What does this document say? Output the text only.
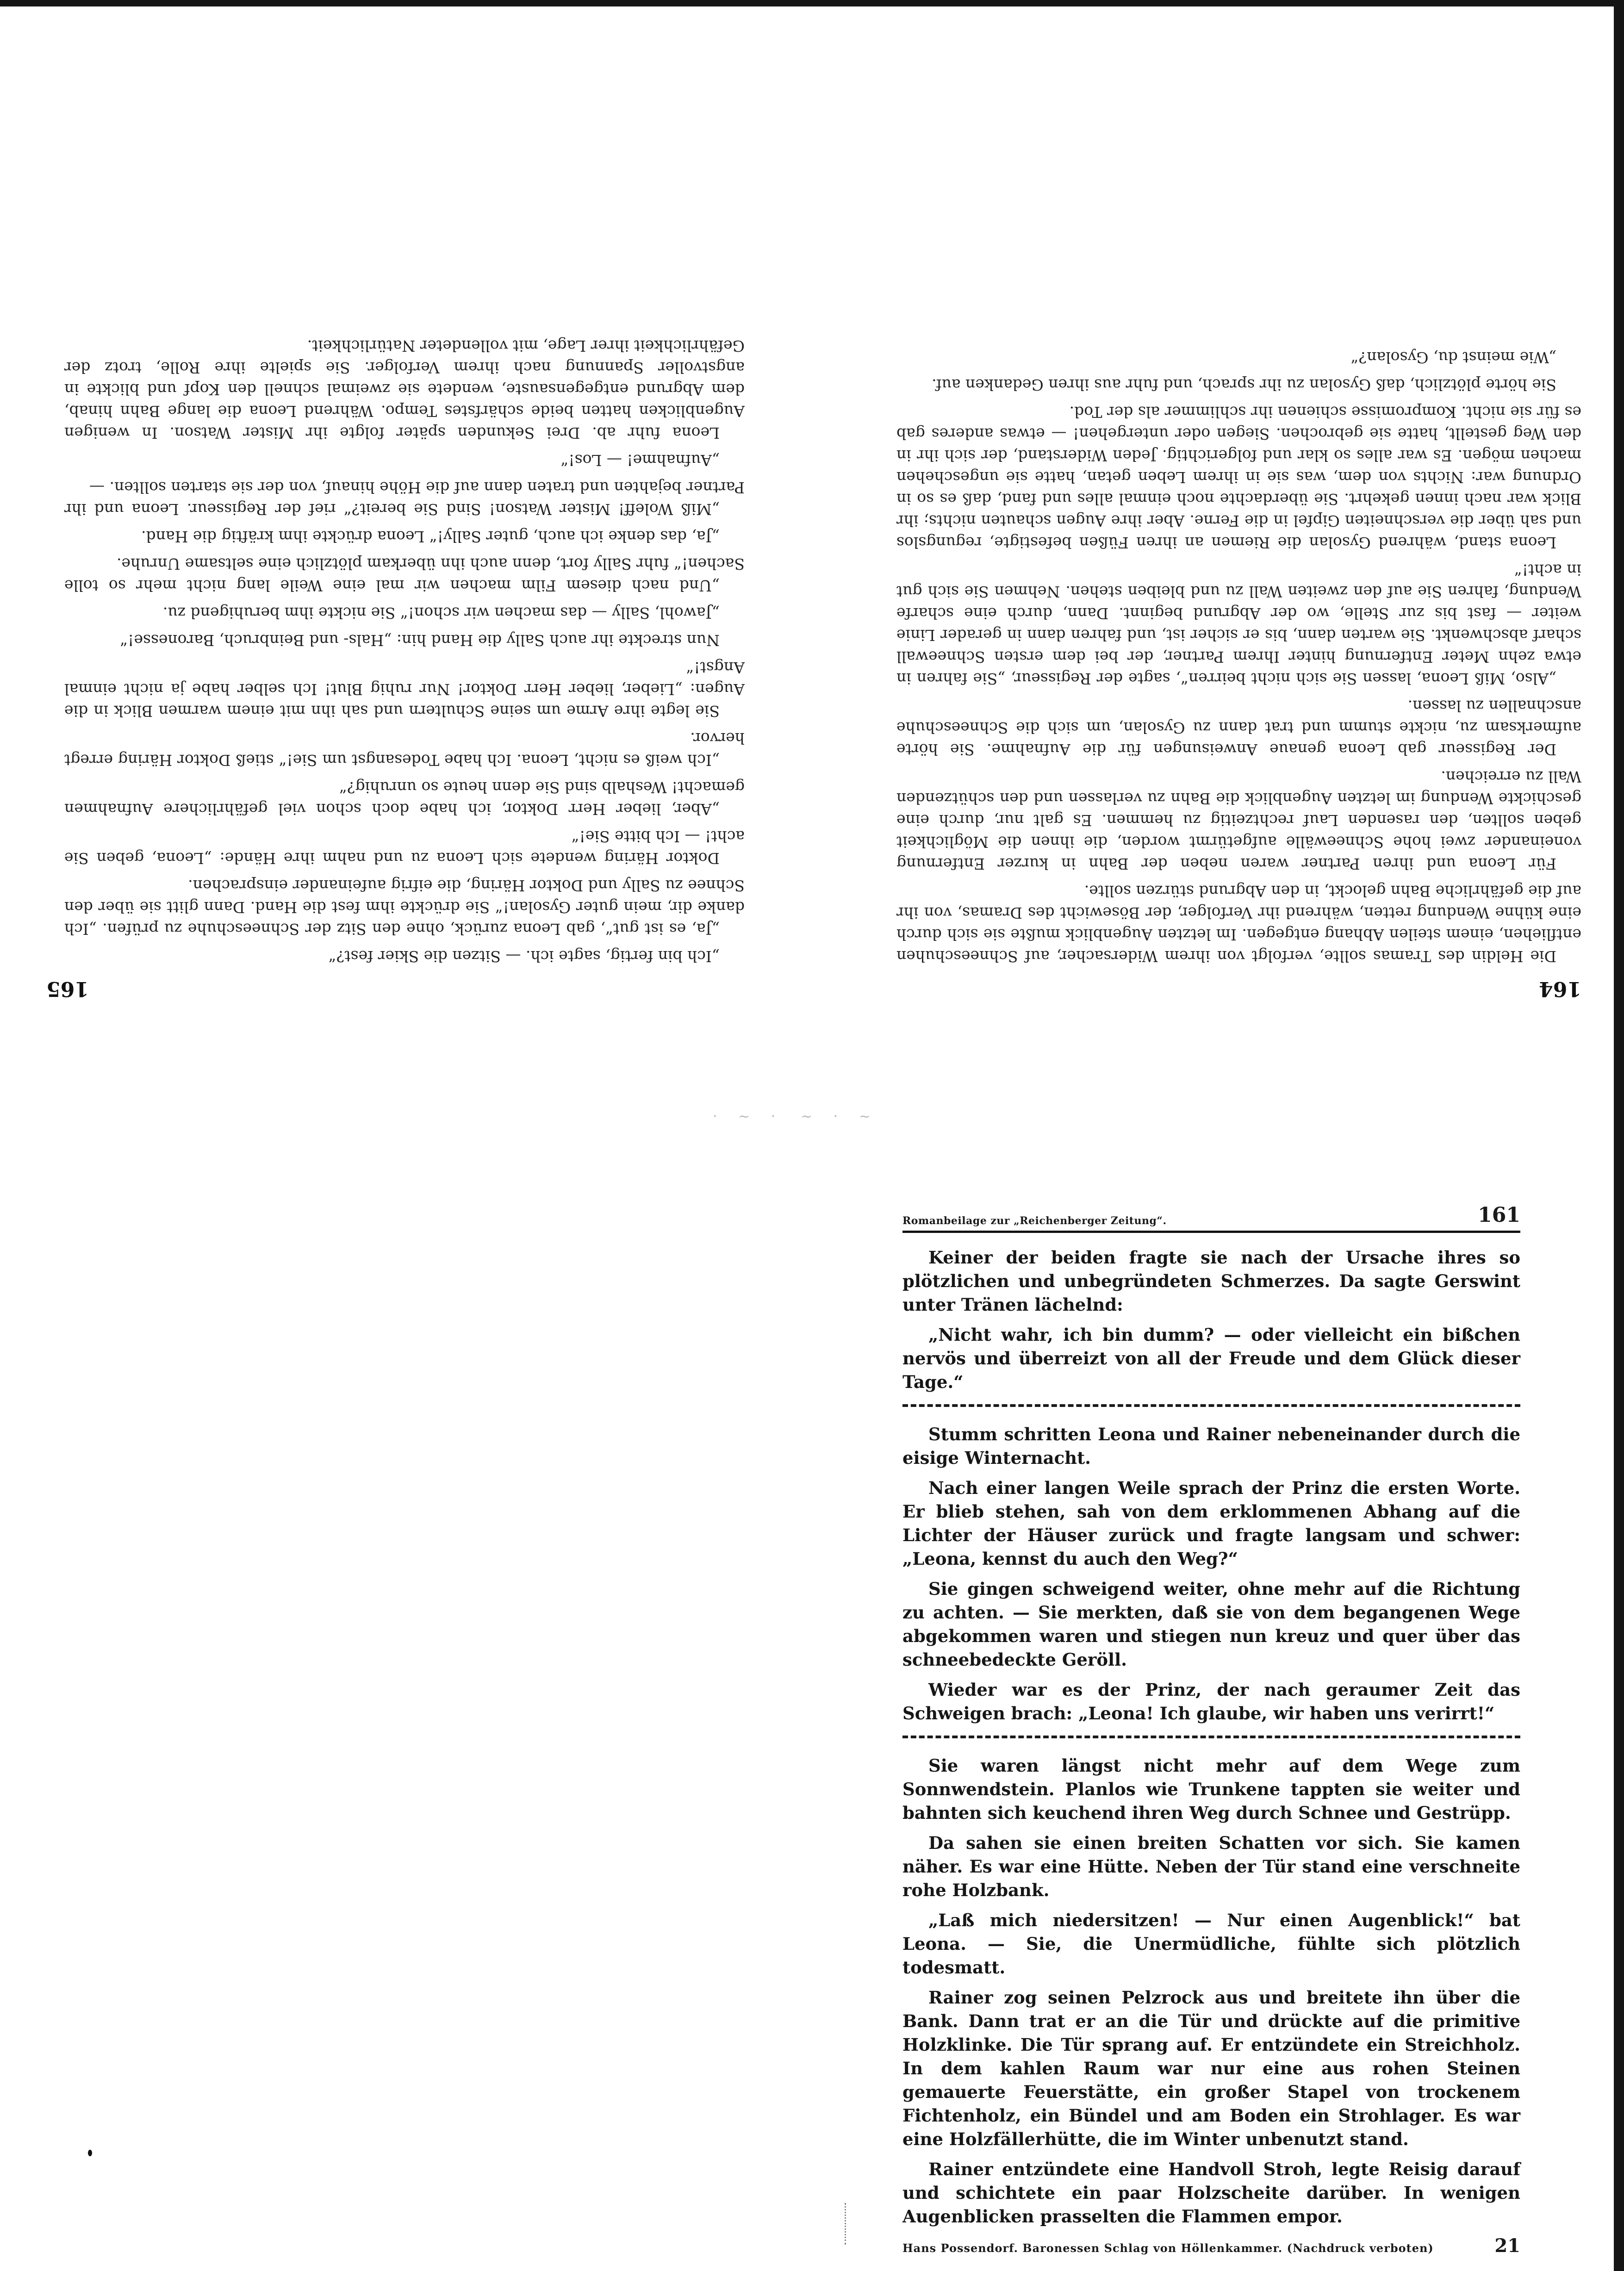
164

Die Heldin des Tramas sollte, verfolgt von ihrem Widersacher, auf Schneeschuhen entfliehen, einem steilen Abhang entgegen. Im letzten Augenblick mußte sie sich durch eine kühne Wendung retten, während ihr Verfolger, der Bösewicht des Dramas, von ihr auf die gefährliche Bahn gelockt, in den Abgrund stürzen sollte.

Für Leona und ihren Partner waren neben der Bahn in kurzer Entfernung voneinander zwei hohe Schneewälle aufgetürmt worden, die ihnen die Möglichkeit geben sollten, den rasenden Lauf rechtzeitig zu hemmen. Es galt nur, durch eine geschickte Wendung im letzten Augenblick die Bahn zu verlassen und den schützenden Wall zu erreichen.

Der Regisseur gab Leona genaue Anweisungen für die Aufnahme. Sie hörte aufmerksam zu, nickte stumm und trat dann zu Gysolan, um sich die Schneeschuhe anschnallen zu lassen.

„Also, Miß Leona, lassen Sie sich nicht beirren“, sagte der Regisseur, „Sie fahren in etwa zehn Meter Entfernung hinter Ihrem Partner, der bei dem ersten Schneewall scharf abschwenkt. Sie warten dann, bis er sicher ist, und fahren dann in gerader Linie weiter — fast bis zur Stelle, wo der Abgrund beginnt. Dann, durch eine scharfe Wendung, fahren Sie auf den zweiten Wall zu und bleiben stehen. Nehmen Sie sich gut in acht!“

Leona stand, während Gysolan die Riemen an ihren Füßen befestigte, regungslos und sah über die verschneiten Gipfel in die Ferne. Aber ihre Augen schauten nichts; ihr Blick war nach innen gekehrt. Sie überdachte noch einmal alles und fand, daß es so in Ordnung war: Nichts von dem, was sie in ihrem Leben getan, hatte sie ungeschehen machen mögen. Es war alles so klar und folgerichtig. Jeden Widerstand, der sich ihr in den Weg gestellt, hatte sie gebrochen. Siegen oder untergehen! — etwas anderes gab es für sie nicht. Kompromisse schienen ihr schlimmer als der Tod.

Sie hörte plötzlich, daß Gysolan zu ihr sprach, und fuhr aus ihren Gedanken auf.

„Wie meinst du, Gysolan?“

165

„Ich bin fertig, sagte ich. — Sitzen die Skier fest?“

„Ja, es ist gut“, gab Leona zurück, ohne den Sitz der Schneeschuhe zu prüfen. „Ich danke dir, mein guter Gysolan!“ Sie drückte ihm fest die Hand. Dann glitt sie über den Schnee zu Sally und Doktor Häring, die eifrig aufeinander einsprachen.

Doktor Häring wendete sich Leona zu und nahm ihre Hände: „Leona, geben Sie acht! — Ich bitte Sie!“

„Aber, lieber Herr Doktor, ich habe doch schon viel gefährlichere Aufnahmen gemacht! Weshalb sind Sie denn heute so unruhig?“

„Ich weiß es nicht, Leona. Ich habe Todesangst um Sie!“ stieß Doktor Häring erregt hervor.

Sie legte ihre Arme um seine Schultern und sah ihn mit einem warmen Blick in die Augen: „Lieber, lieber Herr Doktor! Nur ruhig Blut! Ich selber habe ja nicht einmal Angst!“

Nun streckte ihr auch Sally die Hand hin: „Hals- und Beinbruch, Baronesse!“

„Jawohl, Sally — das machen wir schon!“ Sie nickte ihm beruhigend zu.

„Und nach diesem Film machen wir mal eine Weile lang nicht mehr so tolle Sachen!“ fuhr Sally fort, denn auch ihn überkam plötzlich eine seltsame Unruhe.

„Ja, das denke ich auch, guter Sally!“ Leona drückte ihm kräftig die Hand.

„Miß Woleff! Mister Watson! Sind Sie bereit?“ rief der Regisseur. Leona und ihr Partner bejahten und traten dann auf die Höhe hinauf, von der sie starten sollten. —

„Aufnahme! — Los!“

Leona fuhr ab. Drei Sekunden später folgte ihr Mister Watson. In wenigen Augenblicken hatten beide schärfstes Tempo. Während Leona die lange Bahn hinab, dem Abgrund entgegensauste, wendete sie zweimal schnell den Kopf und blickte in angstvoller Spannung nach ihrem Verfolger. Sie spielte ihre Rolle, trotz der Gefährlichkeit ihrer Lage, mit vollendeter Natürlichkeit.

· ~ · ~ · ~
Romanbeilage zur „Reichenberger Zeitung“.	161

Keiner der beiden fragte sie nach der Ursache ihres so plötzlichen und unbegründeten Schmerzes. Da sagte Gerswint unter Tränen lächelnd:

„Nicht wahr, ich bin dumm? — oder vielleicht ein bißchen nervös und überreizt von all der Freude und dem Glück dieser Tage.“

Stumm schritten Leona und Rainer nebeneinander durch die eisige Winternacht.

Nach einer langen Weile sprach der Prinz die ersten Worte. Er blieb stehen, sah von dem erklommenen Abhang auf die Lichter der Häuser zurück und fragte langsam und schwer: „Leona, kennst du auch den Weg?“

Sie gingen schweigend weiter, ohne mehr auf die Richtung zu achten. — Sie merkten, daß sie von dem begangenen Wege abgekommen waren und stiegen nun kreuz und quer über das schneebedeckte Geröll.

Wieder war es der Prinz, der nach geraumer Zeit das Schweigen brach: „Leona! Ich glaube, wir haben uns verirrt!“

Sie waren längst nicht mehr auf dem Wege zum Sonnwendstein. Planlos wie Trunkene tappten sie weiter und bahnten sich keuchend ihren Weg durch Schnee und Gestrüpp.

Da sahen sie einen breiten Schatten vor sich. Sie kamen näher. Es war eine Hütte. Neben der Tür stand eine verschneite rohe Holzbank.

„Laß mich niedersitzen! — Nur einen Augenblick!“ bat Leona. — Sie, die Unermüdliche, fühlte sich plötzlich todesmatt.

Rainer zog seinen Pelzrock aus und breitete ihn über die Bank. Dann trat er an die Tür und drückte auf die primitive Holzklinke. Die Tür sprang auf. Er entzündete ein Streichholz. In dem kahlen Raum war nur eine aus rohen Steinen gemauerte Feuerstätte, ein großer Stapel von trockenem Fichtenholz, ein Bündel und am Boden ein Strohlager. Es war eine Holzfällerhütte, die im Winter unbenutzt stand.

Rainer entzündete eine Handvoll Stroh, legte Reisig darauf und schichtete ein paar Holzscheite darüber. In wenigen Augenblicken prasselten die Flammen empor.

Hans Possendorf. Baronessen Schlag von Höllenkammer. (Nachdruck verboten)	21
